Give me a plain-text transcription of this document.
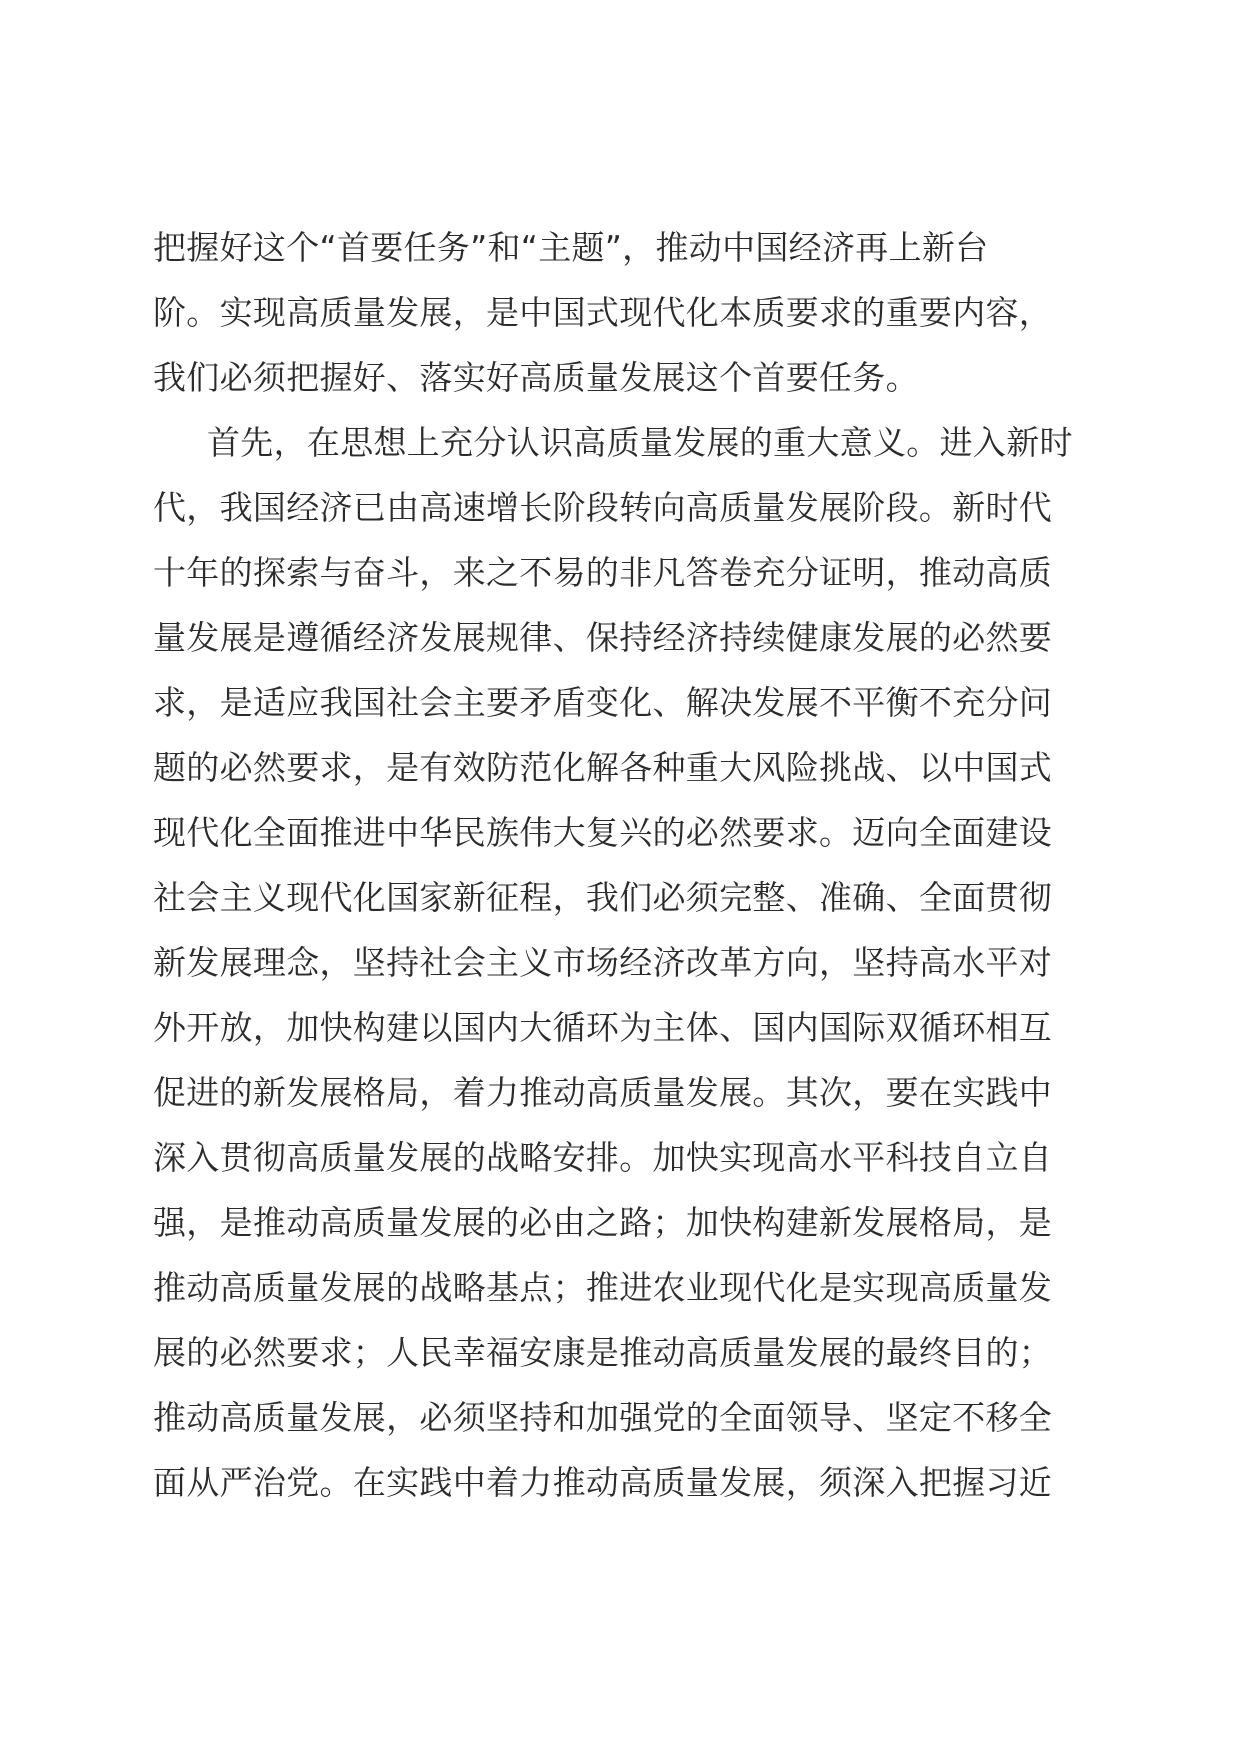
把握好这个“首要任务”和“主题”，推动中国经济再上新台
阶。实现高质量发展，是中国式现代化本质要求的重要内容，
我们必须把握好、落实好高质量发展这个首要任务。
首先，在思想上充分认识高质量发展的重大意义。进入新时
代，我国经济已由高速增长阶段转向高质量发展阶段。新时代
十年的探索与奋斗，来之不易的非凡答卷充分证明，推动高质
量发展是遵循经济发展规律、保持经济持续健康发展的必然要
求，是适应我国社会主要矛盾变化、解决发展不平衡不充分问
题的必然要求，是有效防范化解各种重大风险挑战、以中国式
现代化全面推进中华民族伟大复兴的必然要求。迈向全面建设
社会主义现代化国家新征程，我们必须完整、准确、全面贯彻
新发展理念，坚持社会主义市场经济改革方向，坚持高水平对
外开放，加快构建以国内大循环为主体、国内国际双循环相互
促进的新发展格局，着力推动高质量发展。其次，要在实践中
深入贯彻高质量发展的战略安排。加快实现高水平科技自立自
强，是推动高质量发展的必由之路；加快构建新发展格局，是
推动高质量发展的战略基点；推进农业现代化是实现高质量发
展的必然要求；人民幸福安康是推动高质量发展的最终目的；
推动高质量发展，必须坚持和加强党的全面领导、坚定不移全
面从严治党。在实践中着力推动高质量发展，须深入把握习近
